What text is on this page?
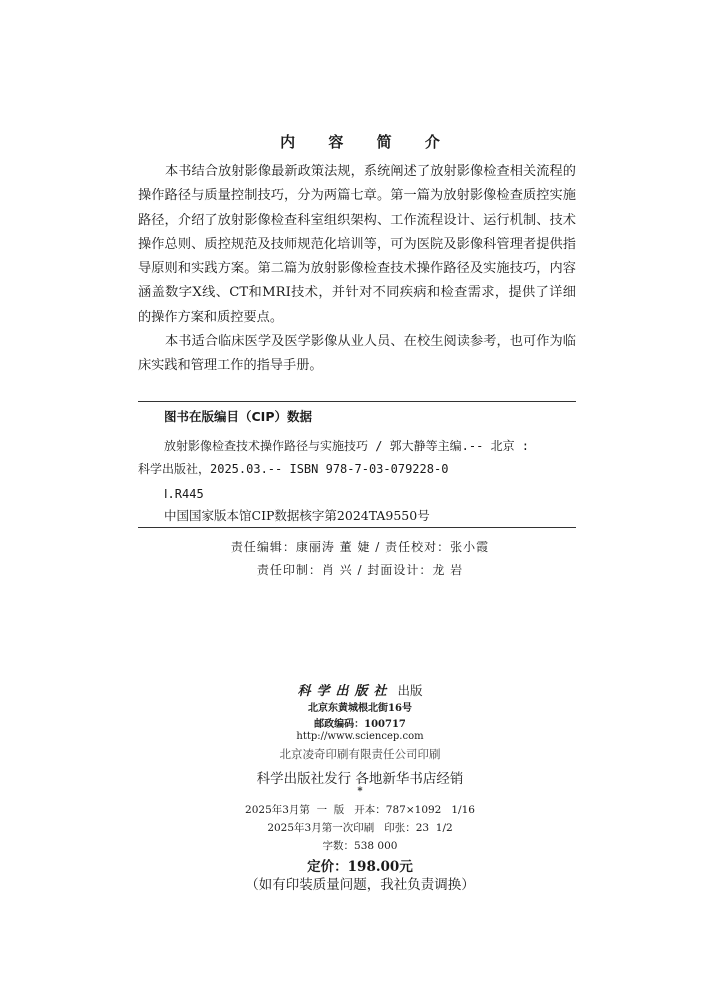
内 容 简 介

本书结合放射影像最新政策法规，系统阐述了放射影像检查相关流程的操作路径与质量控制技巧，分为两篇七章。第一篇为放射影像检查质控实施路径，介绍了放射影像检查科室组织架构、工作流程设计、运行机制、技术操作总则、质控规范及技师规范化培训等，可为医院及影像科管理者提供指导原则和实践方案。第二篇为放射影像检查技术操作路径及实施技巧，内容涵盖数字X线、CT和MRI技术，并针对不同疾病和检查需求，提供了详细的操作方案和质控要点。

本书适合临床医学及医学影像从业人员、在校生阅读参考，也可作为临床实践和管理工作的指导手册。

图书在版编目（CIP）数据
放射影像检查技术操作路径与实施技巧 / 郭大静等主编.-- 北京 :
科学出版社，2025.03.-- ISBN 978-7-03-079228-0
Ⅰ.R445
中国国家版本馆CIP数据核字第2024TA9550号
责任编辑：康丽涛 董 婕 / 责任校对：张小霞
责任印制：肖 兴 / 封面设计：龙 岩
科学出版社 出版
北京东黄城根北街16号
邮政编码：100717
http://www.sciencep.com
北京凌奇印刷有限责任公司印刷
科学出版社发行 各地新华书店经销
*
2025年3月第  一  版   开本：787×1092   1/16
2025年3月第一次印刷   印张：23  1/2
字数：538 000
定价：198.00元
（如有印装质量问题，我社负责调换）
